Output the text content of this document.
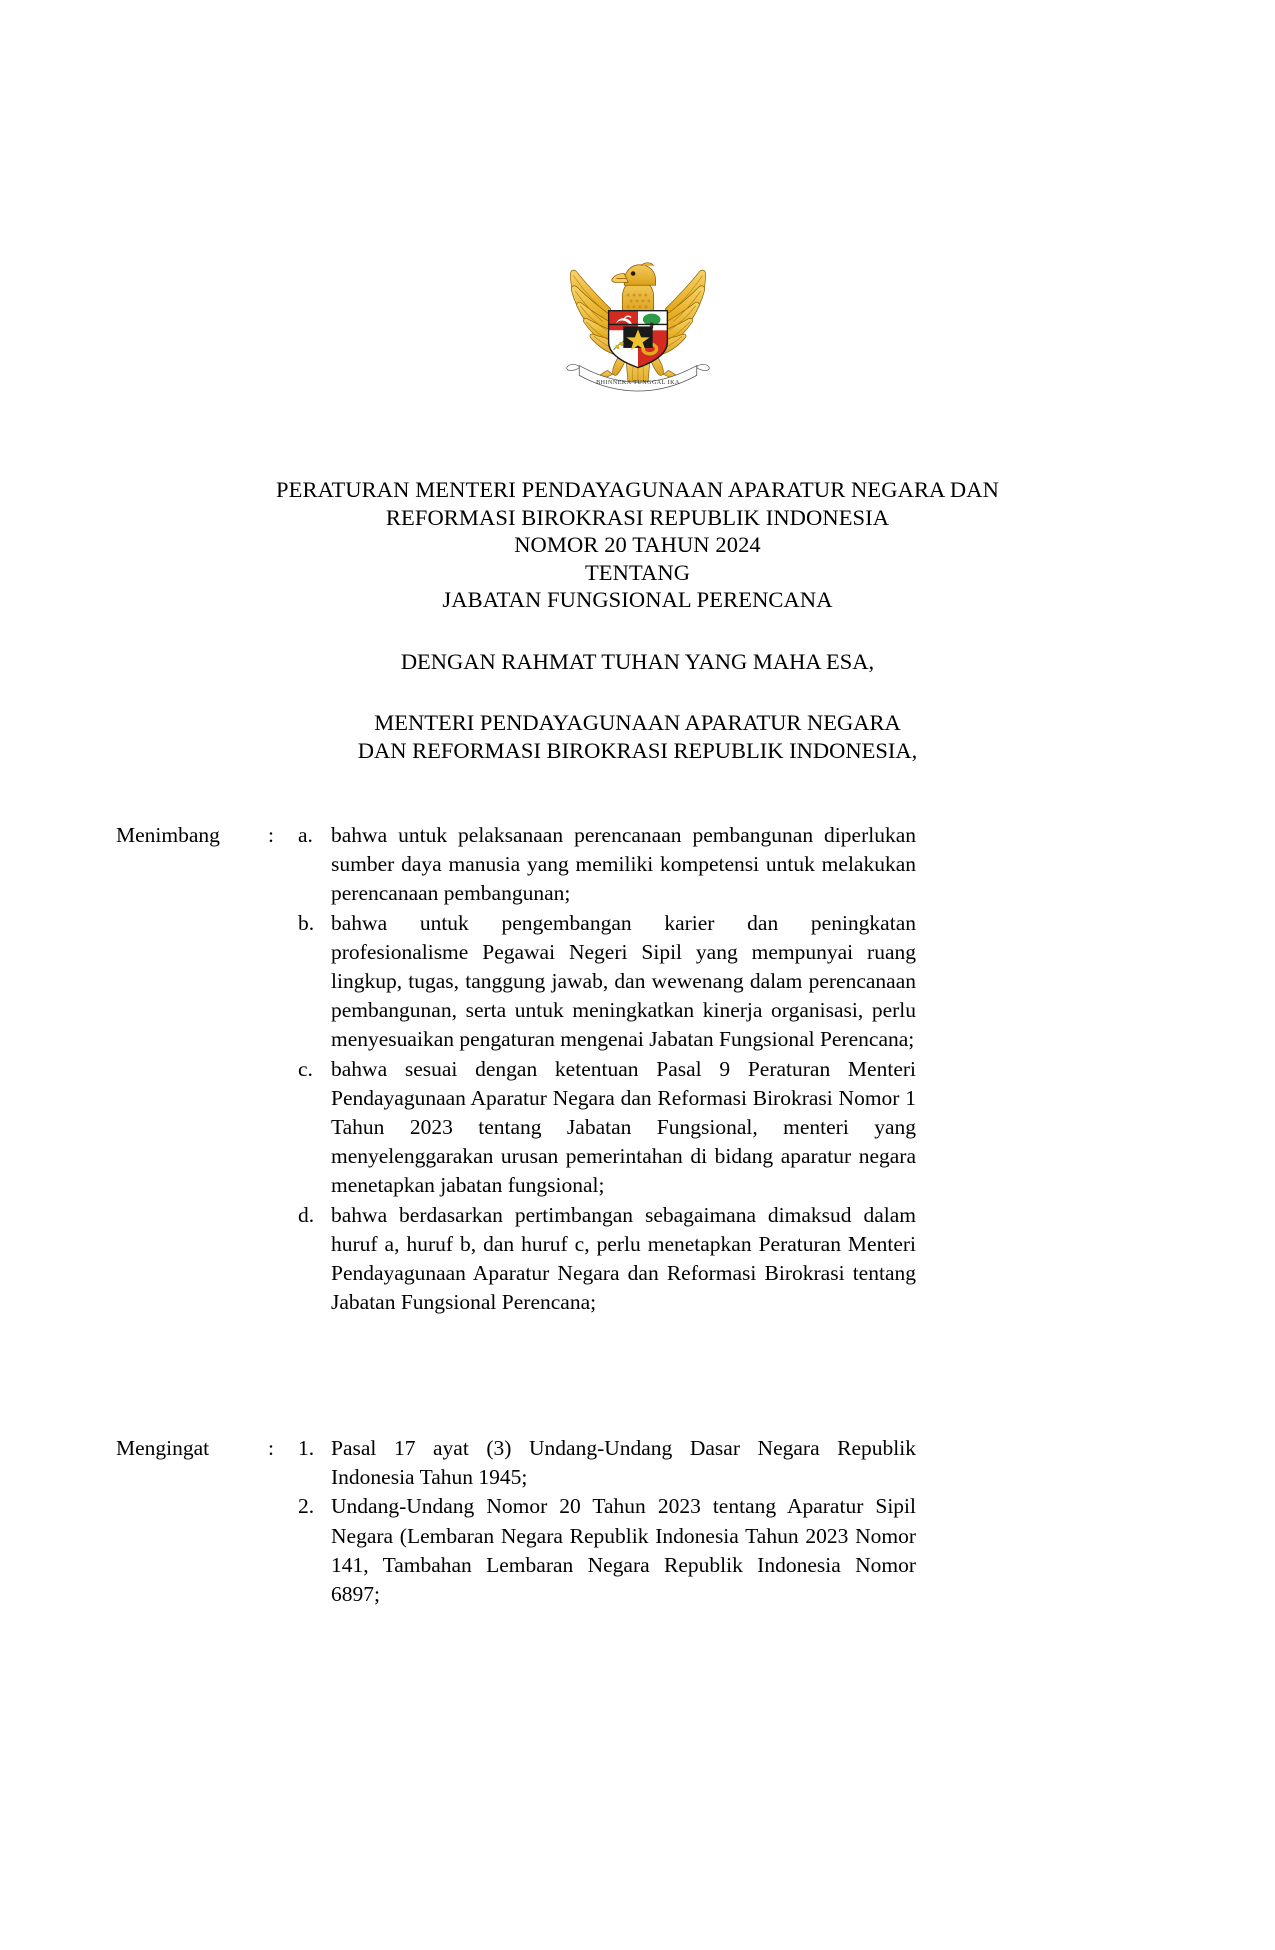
BHINNEKA TUNGGAL IKA
PERATURAN MENTERI PENDAYAGUNAAN APARATUR NEGARA DAN
REFORMASI BIROKRASI REPUBLIK INDONESIA
NOMOR 20 TAHUN 2024
TENTANG
JABATAN FUNGSIONAL PERENCANA
DENGAN RAHMAT TUHAN YANG MAHA ESA,
MENTERI PENDAYAGUNAAN APARATUR NEGARA
DAN REFORMASI BIROKRASI REPUBLIK INDONESIA,
Menimbang	:	a. bahwa untuk pelaksanaan perencanaan pembangunan diperlukan sumber daya manusia yang memiliki kompetensi untuk melakukan perencanaan pembangunan;
b. bahwa untuk pengembangan karier dan peningkatan profesionalisme Pegawai Negeri Sipil yang mempunyai ruang lingkup, tugas, tanggung jawab, dan wewenang dalam perencanaan pembangunan, serta untuk meningkatkan kinerja organisasi, perlu menyesuaikan pengaturan mengenai Jabatan Fungsional Perencana;
c. bahwa sesuai dengan ketentuan Pasal 9 Peraturan Menteri Pendayagunaan Aparatur Negara dan Reformasi Birokrasi Nomor 1 Tahun 2023 tentang Jabatan Fungsional, menteri yang menyelenggarakan urusan pemerintahan di bidang aparatur negara menetapkan jabatan fungsional;
d. bahwa berdasarkan pertimbangan sebagaimana dimaksud dalam huruf a, huruf b, dan huruf c, perlu menetapkan Peraturan Menteri Pendayagunaan Aparatur Negara dan Reformasi Birokrasi tentang Jabatan Fungsional Perencana;
Mengingat	:	1. Pasal 17 ayat (3) Undang-Undang Dasar Negara Republik Indonesia Tahun 1945;
2. Undang-Undang Nomor 20 Tahun 2023 tentang Aparatur Sipil Negara (Lembaran Negara Republik Indonesia Tahun 2023 Nomor 141, Tambahan Lembaran Negara Republik Indonesia Nomor 6897;
